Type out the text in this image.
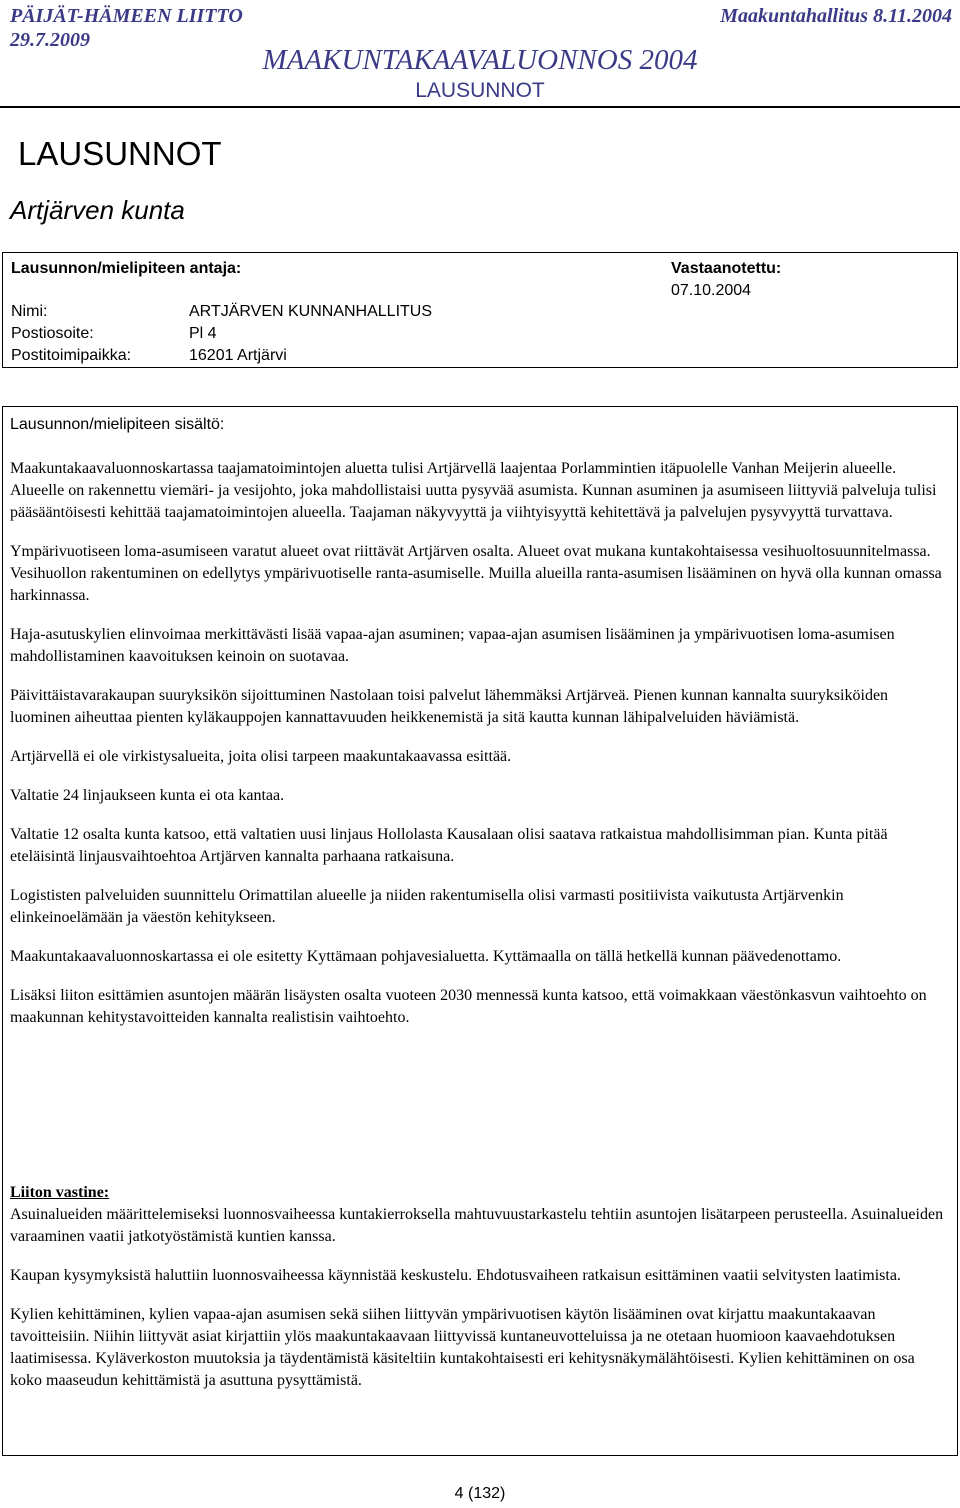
PÄIJÄT-HÄMEEN LIITTO
29.7.2009
Maakuntahallitus 8.11.2004
MAAKUNTAKAAVALUONNOS 2004
LAUSUNNOT
LAUSUNNOT
Artjärven kunta
Lausunnon/mielipiteen antaja:	Vastaanotettu:
07.10.2004
Nimi:	ARTJÄRVEN KUNNANHALLITUS
Postiosoite:	Pl 4
Postitoimipaikka:	16201 Artjärvi
Lausunnon/mielipiteen sisältö:

Maakuntakaavaluonnoskartassa taajamatoimintojen aluetta tulisi Artjärvellä laajentaa Porlammintien itäpuolelle Vanhan Meijerin alueelle. Alueelle on rakennettu viemäri- ja vesijohto, joka mahdollistaisi uutta pysyvää asumista. Kunnan asuminen ja asumiseen liittyviä palveluja tulisi pääsääntöisesti kehittää taajamatoimintojen alueella. Taajaman näkyvyyttä ja viihtyisyyttä kehitettävä ja palvelujen pysyvyyttä turvattava.

Ympärivuotiseen loma-asumiseen varatut alueet ovat riittävät Artjärven osalta. Alueet ovat mukana kuntakohtaisessa vesihuoltosuunnitelmassa. Vesihuollon rakentuminen on edellytys ympärivuotiselle ranta-asumiselle. Muilla alueilla ranta-asumisen lisääminen on hyvä olla kunnan omassa harkinnassa.

Haja-asutuskylien elinvoimaa merkittävästi lisää vapaa-ajan asuminen; vapaa-ajan asumisen lisääminen ja ympärivuotisen loma-asumisen mahdollistaminen kaavoituksen keinoin on suotavaa.

Päivittäistavarakaupan suuryksikön sijoittuminen Nastolaan toisi palvelut lähemmäksi Artjärveä. Pienen kunnan kannalta suuryksiköiden luominen aiheuttaa pienten kyläkauppojen kannattavuuden heikkenemistä ja sitä kautta kunnan lähipalveluiden häviämistä.

Artjärvellä ei ole virkistysalueita, joita olisi tarpeen maakuntakaavassa esittää.

Valtatie 24 linjaukseen kunta ei ota kantaa.

Valtatie 12 osalta kunta katsoo, että valtatien uusi linjaus Hollolasta Kausalaan olisi saatava ratkaistua mahdollisimman pian. Kunta pitää eteläisintä linjausvaihtoehtoa Artjärven kannalta parhaana ratkaisuna.

Logististen palveluiden suunnittelu Orimattilan alueelle ja niiden rakentumisella olisi varmasti positiivista vaikutusta Artjärvenkin elinkeinoelämään ja väestön kehitykseen.

Maakuntakaavaluonnoskartassa ei ole esitetty Kyttämaan pohjavesialuetta. Kyttämaalla on tällä hetkellä kunnan päävedenottamo.

Lisäksi liiton esittämien asuntojen määrän lisäysten osalta vuoteen 2030 mennessä kunta katsoo, että voimakkaan väestönkasvun vaihtoehto on maakunnan kehitystavoitteiden kannalta realistisin vaihtoehto.

Liiton vastine:

Asuinalueiden määrittelemiseksi luonnosvaiheessa kuntakierroksella mahtuvuustarkastelu tehtiin asuntojen lisätarpeen perusteella. Asuinalueiden varaaminen vaatii jatkotyöstämistä kuntien kanssa.

Kaupan kysymyksistä haluttiin luonnosvaiheessa käynnistää keskustelu. Ehdotusvaiheen ratkaisun esittäminen vaatii selvitysten laatimista.

Kylien kehittäminen, kylien vapaa-ajan asumisen sekä siihen liittyvän ympärivuotisen käytön lisääminen ovat kirjattu maakuntakaavan tavoitteisiin. Niihin liittyvät asiat kirjattiin ylös maakuntakaavaan liittyvissä kuntaneuvotteluissa ja ne otetaan huomioon kaavaehdotuksen laatimisessa. Kyläverkoston muutoksia ja täydentämistä käsiteltiin kuntakohtaisesti eri kehitysnäkymälähtöisesti. Kylien kehittäminen on osa koko maaseudun kehittämistä ja asuttuna pysyttämistä.

4 (132)
